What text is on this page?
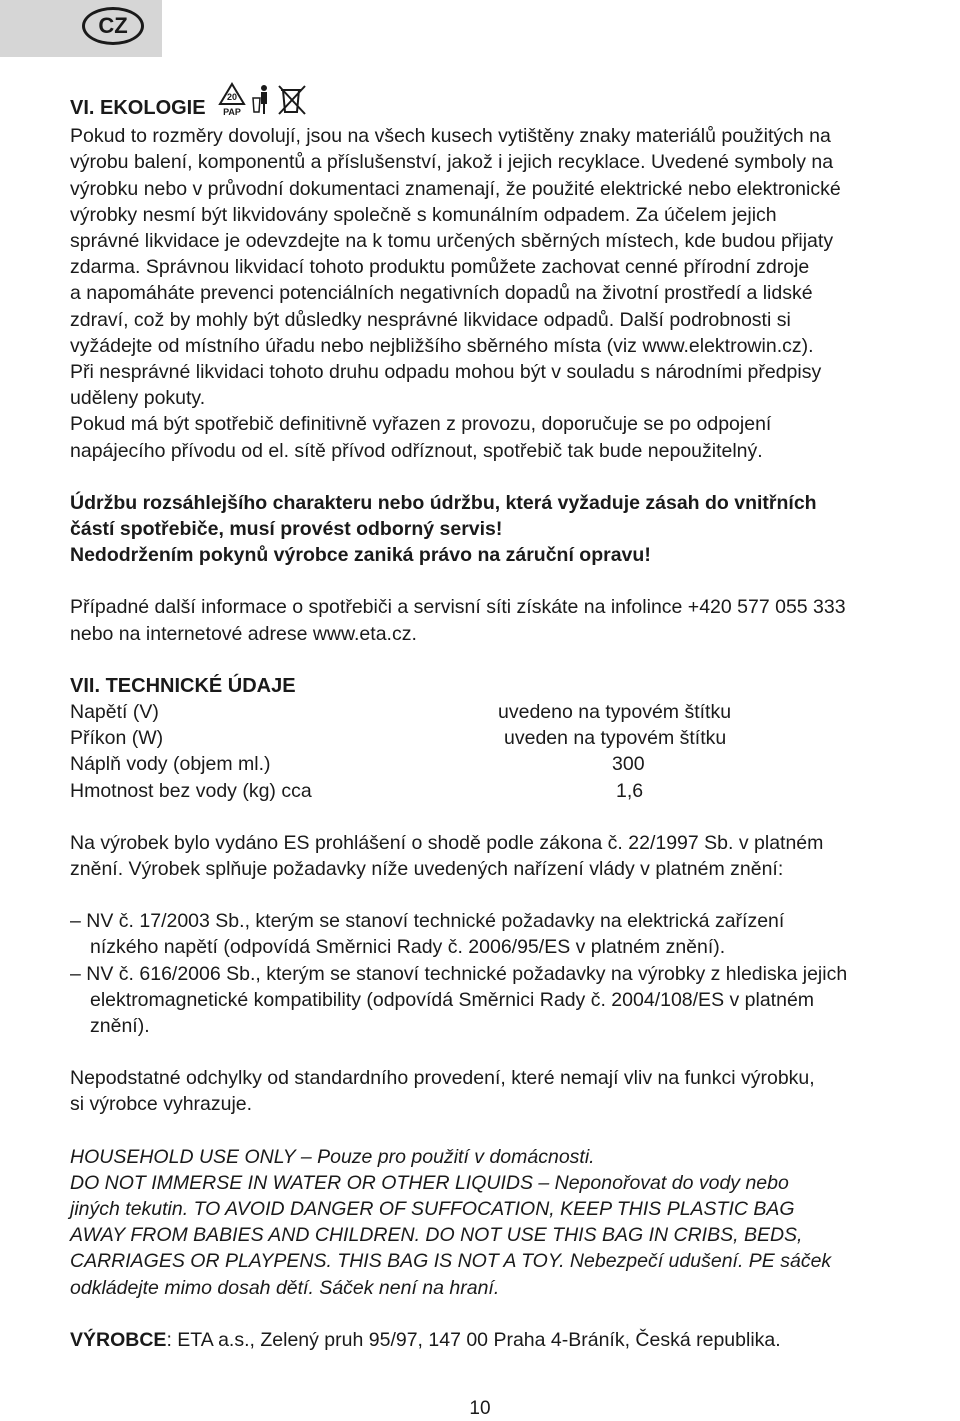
CZ
VI. EKOLOGIE 20
PAP
Pokud to rozměry dovolují, jsou na všech kusech vytištěny znaky materiálů použitých na
výrobu balení, komponentů a příslušenství, jakož i jejich recyklace. Uvedené symboly na
výrobku nebo v průvodní dokumentaci znamenají, že použité elektrické nebo elektronické
výrobky nesmí být likvidovány společně s komunálním odpadem. Za účelem jejich
správné likvidace je odevzdejte na k tomu určených sběrných místech, kde budou přijaty
zdarma. Správnou likvidací tohoto produktu pomůžete zachovat cenné přírodní zdroje
a napomáháte prevenci potenciálních negativních dopadů na životní prostředí a lidské
zdraví, což by mohly být důsledky nesprávné likvidace odpadů. Další podrobnosti si
vyžádejte od místního úřadu nebo nejbližšího sběrného místa (viz www.elektrowin.cz).
Při nesprávné likvidaci tohoto druhu odpadu mohou být v souladu s národními předpisy
uděleny pokuty.
Pokud má být spotřebič definitivně vyřazen z provozu, doporučuje se po odpojení
napájecího přívodu od el. sítě přívod odříznout, spotřebič tak bude nepoužitelný.
Údržbu rozsáhlejšího charakteru nebo údržbu, která vyžaduje zásah do vnitřních
částí spotřebiče, musí provést odborný servis!
Nedodržením pokynů výrobce zaniká právo na záruční opravu!
Případné další informace o spotřebiči a servisní síti získáte na infolince +420 577 055 333
nebo na internetové adrese www.eta.cz.
VII. TECHNICKÉ ÚDAJE
Napětí (V)	uvedeno na typovém štítku
Příkon (W)	uveden na typovém štítku
Náplň vody (objem ml.)	300
Hmotnost bez vody (kg) cca	1,6
Na výrobek bylo vydáno ES prohlášení o shodě podle zákona č. 22/1997 Sb. v platném
znění. Výrobek splňuje požadavky níže uvedených nařízení vlády v platném znění:
– NV č. 17/2003 Sb., kterým se stanoví technické požadavky na elektrická zařízení
nízkého napětí (odpovídá Směrnici Rady č. 2006/95/ES v platném znění).
– NV č. 616/2006 Sb., kterým se stanoví technické požadavky na výrobky z hlediska jejich
elektromagnetické kompatibility (odpovídá Směrnici Rady č. 2004/108/ES v platném
znění).
Nepodstatné odchylky od standardního provedení, které nemají vliv na funkci výrobku,
si výrobce vyhrazuje.
HOUSEHOLD USE ONLY – Pouze pro použití v domácnosti.
DO NOT IMMERSE IN WATER OR OTHER LIQUIDS – Neponořovat do vody nebo
jiných tekutin. TO AVOID DANGER OF SUFFOCATION, KEEP THIS PLASTIC BAG
AWAY FROM BABIES AND CHILDREN. DO NOT USE THIS BAG IN CRIBS, BEDS,
CARRIAGES OR PLAYPENS. THIS BAG IS NOT A TOY. Nebezpečí udušení. PE sáček
odkládejte mimo dosah dětí. Sáček není na hraní.
VÝROBCE: ETA a.s., Zelený pruh 95/97, 147 00 Praha 4-Bráník, Česká republika.
10
